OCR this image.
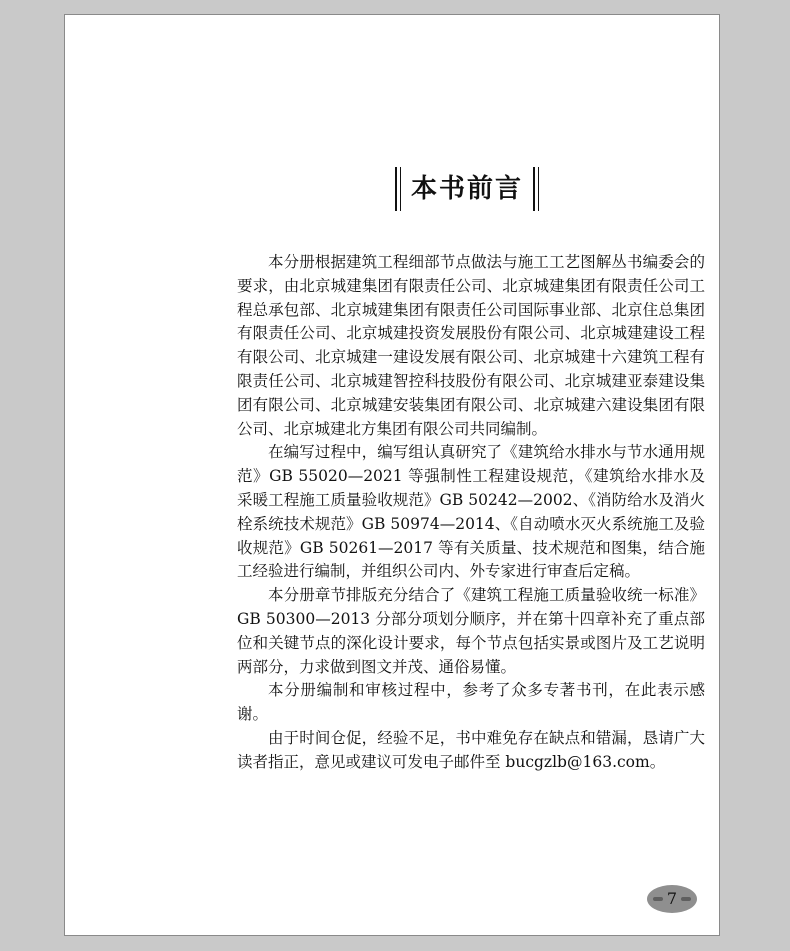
本书前言

本分册根据建筑工程细部节点做法与施工工艺图解丛书编委会的要求，由北京城建集团有限责任公司、北京城建集团有限责任公司工程总承包部、北京城建集团有限责任公司国际事业部、北京住总集团有限责任公司、北京城建投资发展股份有限公司、北京城建建设工程有限公司、北京城建一建设发展有限公司、北京城建十六建筑工程有限责任公司、北京城建智控科技股份有限公司、北京城建亚泰建设集团有限公司、北京城建安装集团有限公司、北京城建六建设集团有限公司、北京城建北方集团有限公司共同编制。

在编写过程中，编写组认真研究了《建筑给水排水与节水通用规范》GB 55020—2021 等强制性工程建设规范，《建筑给水排水及采暖工程施工质量验收规范》GB 50242—2002、《消防给水及消火栓系统技术规范》GB 50974—2014、《自动喷水灭火系统施工及验收规范》GB 50261—2017 等有关质量、技术规范和图集，结合施工经验进行编制，并组织公司内、外专家进行审查后定稿。

本分册章节排版充分结合了《建筑工程施工质量验收统一标准》GB 50300—2013 分部分项划分顺序，并在第十四章补充了重点部位和关键节点的深化设计要求，每个节点包括实景或图片及工艺说明两部分，力求做到图文并茂、通俗易懂。

本分册编制和审核过程中，参考了众多专著书刊，在此表示感谢。

由于时间仓促，经验不足，书中难免存在缺点和错漏，恳请广大读者指正，意见或建议可发电子邮件至 bucgzlb@163.com。

7
